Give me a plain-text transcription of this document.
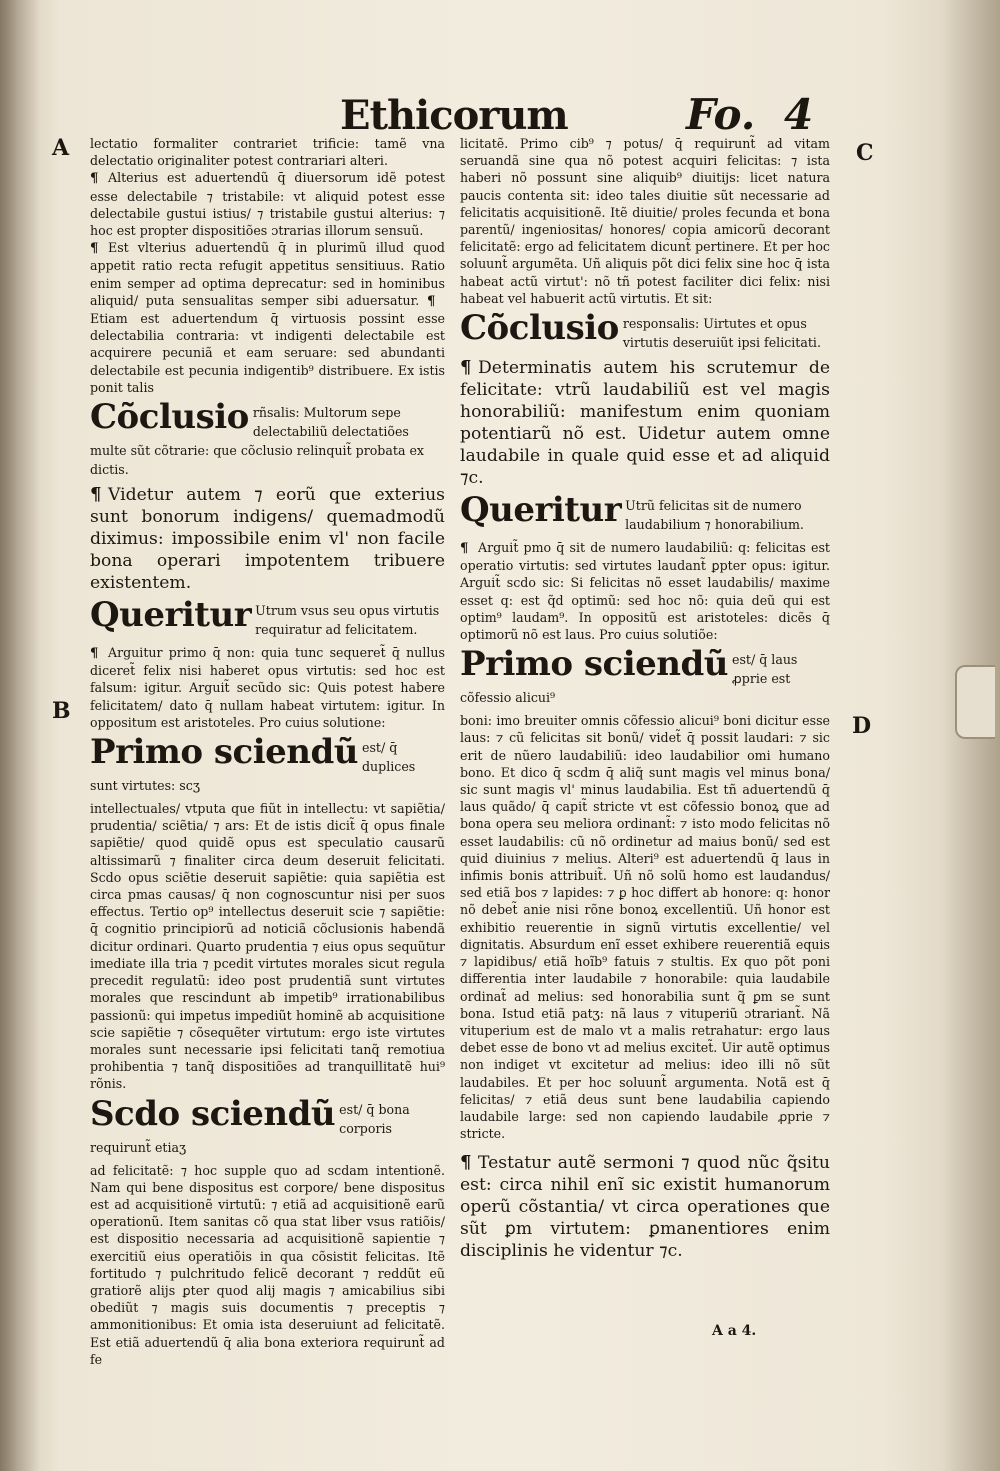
Ethicorum	Fo. 4
A
B
C
D

lectatio formaliter contrariet trificie: tamẽ vna delectatio originaliter potest contrariari alteri.

¶ Alterius est aduertendũ q̄ diuersorum idẽ potest esse delectabile ⁊ tristabile: vt aliquid potest esse delectabile gustui istius/ ⁊ tristabile gustui alterius: ⁊ hoc est propter dispositiões ɔtrarias illorum sensuũ.

¶ Est vlterius aduertendũ q̄ in plurimũ illud quod appetit ratio recta refugit appetitus sensitiuus. Ratio enim semper ad optima deprecatur: sed in hominibus aliquid/ puta sensualitas semper sibi aduersatur. ¶Etiam est aduertendum q̄ virtuosis possint esse delectabilia contraria: vt indigenti delectabile est acquirere pecuniã et eam seruare: sed abundanti delectabile est pecunia indigentib⁹ distribuere. Ex istis ponit talis

Cõclusio rñsalis: Multorum sepe delectabiliũ delectatiões multe sũt cõtrarie: que cõclusio relinquit̃ probata ex dictis.

¶ Videtur autem ⁊ eorũ que exterius sunt bonorum indigens/ quemadmodũ diximus: impossibile enim vl' non facile bona operari impotentem tribuere existentem.

Queritur Utrum vsus seu opus virtutis requiratur ad felicitatem.

¶ Arguitur primo q̄ non: quia tunc sequeret̃ q̄ nullus diceret̃ felix nisi haberet opus virtutis: sed hoc est falsum: igitur. Arguit̃ secũdo sic: Quis potest habere felicitatem/ dato q̄ nullam habeat virtutem: igitur. In oppositum est aristoteles. Pro cuius solutione:

Primo sciendũ est/ q̄ duplices sunt virtutes: scʒ

intellectuales/ vtputa que fiũt in intellectu: vt sapiẽtia/ prudentia/ sciẽtia/ ⁊ ars: Et de istis dicit̃ q̄ opus finale sapiẽtie/ quod quidẽ opus est speculatio causarũ altissimarũ ⁊ finaliter circa deum deseruit felicitati. Scdo opus sciẽtie deseruit sapiẽtie: quia sapiẽtia est circa pmas causas/ q̄ non cognoscuntur nisi per suos effectus. Tertio op⁹ intellectus deseruit scie ⁊ sapiẽtie: q̄ cognitio principiorũ ad noticiã cõclusionis habendã dicitur ordinari. Quarto prudentia ⁊ eius opus sequũtur imediate illa tria ⁊ pcedit virtutes morales sicut regula precedit regulatũ: ideo post prudentiã sunt virtutes morales que rescindunt ab impetib⁹ irrationabilibus passionũ: qui impetus impediũt hominẽ ab acquisitione scie sapiẽtie ⁊ cõsequẽter virtutum: ergo iste virtutes morales sunt necessarie ipsi felicitati tanq̃ remotiua prohibentia ⁊ tanq̃ dispositiões ad tranquillitatẽ hui⁹ rõnis.

Scdo sciendũ est/ q̄ bona corporis requirunt̃ etiaʒ

ad felicitatẽ: ⁊ hoc supple quo ad scdam intentionẽ. Nam qui bene dispositus est corpore/ bene dispositus est ad acquisitionẽ virtutũ: ⁊ etiã ad acquisitionẽ earũ operationũ. Item sanitas cõ qua stat liber vsus ratiõis/ est dispositio necessaria ad acquisitionẽ sapientie ⁊ exercitiũ eius operatiõis in qua cõsistit felicitas. Itẽ fortitudo ⁊ pulchritudo felicẽ decorant ⁊ reddũt eũ gratiorẽ alijs ꝑter quod alij magis ⁊ amicabilius sibi obediũt ⁊ magis suis documentis ⁊ preceptis ⁊ ammonitionibus: Et omia ista deseruiunt ad felicitatẽ. Est etiã aduertendũ q̄ alia bona exteriora requirunt̃ ad fe

licitatẽ. Primo cib⁹ ⁊ potus/ q̄ requirunt̃ ad vitam seruandã sine qua nõ potest acquiri felicitas: ⁊ ista haberi nõ possunt sine aliquib⁹ diuitijs: licet natura paucis contenta sit: ideo tales diuitie sũt necessarie ad felicitatis acquisitionẽ. Itẽ diuitie/ proles fecunda et bona parentũ/ ingeniositas/ honores/ copia amicorũ decorant felicitatẽ: ergo ad felicitatem dicunt̃ pertinere. Et per hoc soluunt̃ argumẽta. Uñ aliquis põt dici felix sine hoc q̄ ista habeat actũ virtut': nõ tñ potest faciliter dici felix: nisi habeat vel habuerit actũ virtutis. Et sit:

Cõclusio responsalis: Uirtutes et opus virtutis deseruiũt ipsi felicitati.

¶ Determinatis autem his scrutemur de felicitate: vtrũ laudabiliũ est vel magis honorabiliũ: manifestum enim quoniam potentiarũ nõ est. Uidetur autem omne laudabile in quale quid esse et ad aliquid ⁊c.

Queritur Utrũ felicitas sit de numero laudabilium ⁊ honorabilium.

¶ Arguit̃ pmo q̄ sit de numero laudabiliũ: q: felicitas est operatio virtutis: sed virtutes laudant̃ ꝑpter opus: igitur. Arguit̃ scdo sic: Si felicitas nõ esset laudabilis/ maxime esset q: est q̃d optimũ: sed hoc nõ: quia deũ qui est optim⁹ laudam⁹. In oppositũ est aristoteles: dicẽs q̄ optimorũ nõ est laus. Pro cuius solutiõe:

Primo sciendũ est/ q̄ laus ꝓprie est cõfessio alicui⁹

boni: imo breuiter omnis cõfessio alicui⁹ boni dicitur esse laus: ⁊ cũ felicitas sit bonũ/ videt̃ q̄ possit laudari: ⁊ sic erit de nũero laudabiliũ: ideo laudabilior omi humano bono. Et dico q̄ scdm q̄ aliq̃ sunt magis vel minus bona/ sic sunt magis vl' minus laudabilia. Est tñ aduertendũ q̄ laus quãdo/ q̄ capit̃ stricte vt est cõfessio bonoꝝ que ad bona opera seu meliora ordinant̃: ⁊ isto modo felicitas nõ esset laudabilis: cũ nõ ordinetur ad maius bonũ/ sed est quid diuinius ⁊ melius. Alteri⁹ est aduertendũ q̄ laus in infimis bonis attribuit̃. Uñ nõ solũ homo est laudandus/ sed etiã bos ⁊ lapides: ⁊ ꝑ hoc differt ab honore: q: honor nõ debet̃ anie nisi rõne bonoꝝ excellentiũ. Uñ honor est exhibitio reuerentie in signũ virtutis excellentie/ vel dignitatis. Absurdum enĩ esset exhibere reuerentiã equis ⁊ lapidibus/ etiã hoĩb⁹ fatuis ⁊ stultis. Ex quo põt poni differentia inter laudabile ⁊ honorabile: quia laudabile ordinat̃ ad melius: sed honorabilia sunt q̃ ꝑm se sunt bona. Istud etiã patʒ: nã laus ⁊ vituperiũ ɔtrariant̃. Nã vituperium est de malo vt a malis retrahatur: ergo laus debet esse de bono vt ad melius excitet̃. Uir autẽ optimus non indiget vt excitetur ad melius: ideo illi nõ sũt laudabiles. Et per hoc soluunt̃ argumenta. Notã est q̄ felicitas/ ⁊ etiã deus sunt bene laudabilia capiendo laudabile large: sed non capiendo laudabile ꝓprie ⁊ stricte.

¶ Testatur autẽ sermoni ⁊ quod nũc q̃situ est: circa nihil enĩ sic existit humanorum operũ cõstantia/ vt circa operationes que sũt ꝑm virtutem: ꝑmanentiores enim disciplinis he videntur ⁊c.

A a 4.
